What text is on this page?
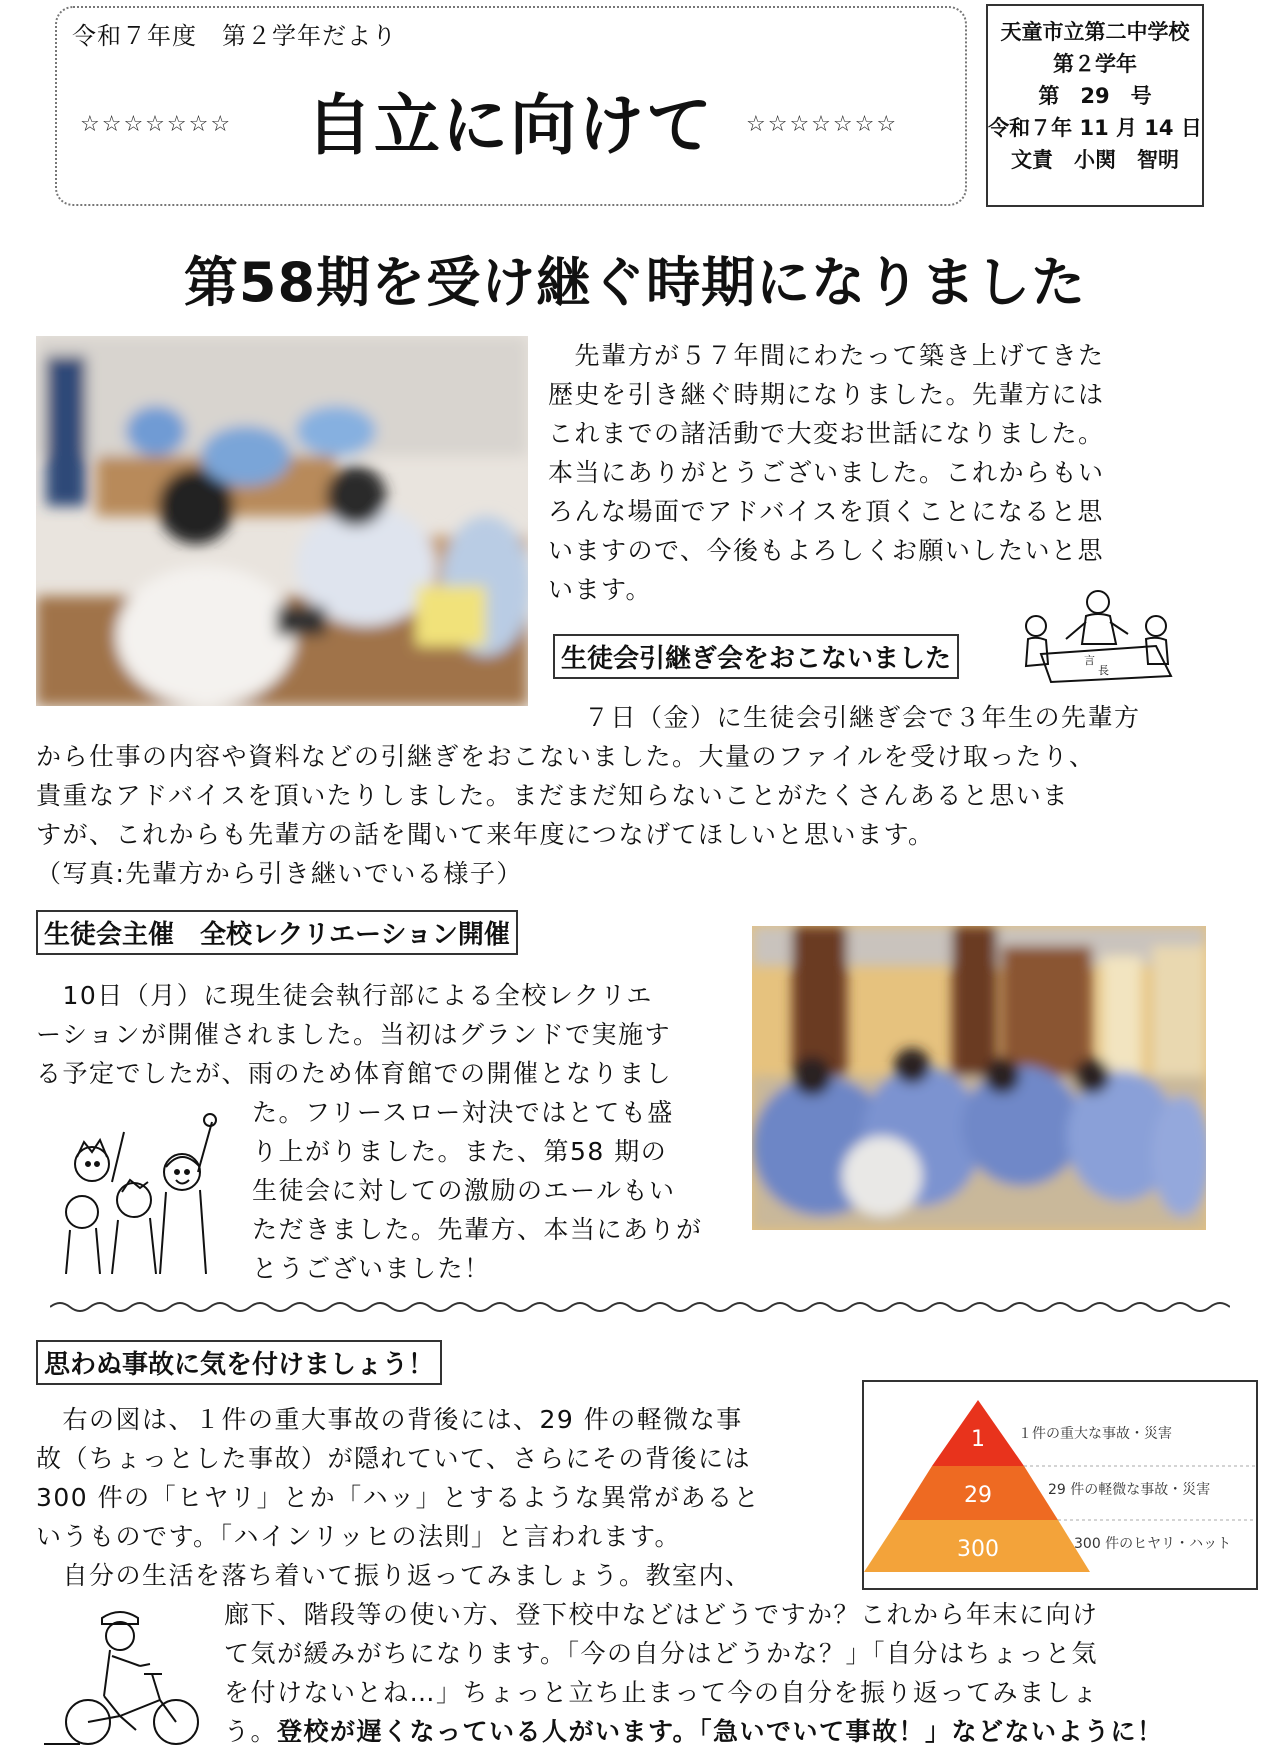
令和７年度　第２学年だより
☆☆☆☆☆☆☆	自立に向けて	☆☆☆☆☆☆☆
天童市立第二中学校
第２学年
第　29　号
令和７年 11 月 14 日
文責　小関　智明
第58期を受け継ぐ時期になりました
　先輩方が５７年間にわたって築き上げてきた
歴史を引き継ぐ時期になりました。先輩方には
これまでの諸活動で大変お世話になりました。
本当にありがとうございました。これからもい
ろんな場面でアドバイスを頂くことになると思
いますので、今後もよろしくお願いしたいと思
います。
生徒会引継ぎ会をおこないました	言
長
７日（金）に生徒会引継ぎ会で３年生の先輩方
から仕事の内容や資料などの引継ぎをおこないました。大量のファイルを受け取ったり、
貴重なアドバイスを頂いたりしました。まだまだ知らないことがたくさんあると思いま
すが、これからも先輩方の話を聞いて来年度につなげてほしいと思います。
（写真:先輩方から引き継いでいる様子）
生徒会主催　全校レクリエーション開催
　10日（月）に現生徒会執行部による全校レクリエ
ーションが開催されました。当初はグランドで実施す
る予定でしたが、雨のため体育館での開催となりまし
た。フリースロー対決ではとても盛
り上がりました。また、第58 期の
生徒会に対しての激励のエールもい
ただきました。先輩方、本当にありが
とうございました！
思わぬ事故に気を付けましょう！
　右の図は、１件の重大事故の背後には、29 件の軽微な事
故（ちょっとした事故）が隠れていて、さらにその背後には
300 件の「ヒヤリ」とか「ハッ」とするような異常があると
いうものです。「ハインリッヒの法則」と言われます。
　自分の生活を落ち着いて振り返ってみましょう。教室内、
廊下、階段等の使い方、登下校中などはどうですか？これから年末に向け
て気が緩みがちになります。「今の自分はどうかな？」「自分はちょっと気
を付けないとね…」ちょっと立ち止まって今の自分を振り返ってみましょ
う。登校が遅くなっている人がいます。「急いでいて事故！」などないように！
1
29
300
１件の重大な事故・災害
29 件の軽微な事故・災害
300 件のヒヤリ・ハット
